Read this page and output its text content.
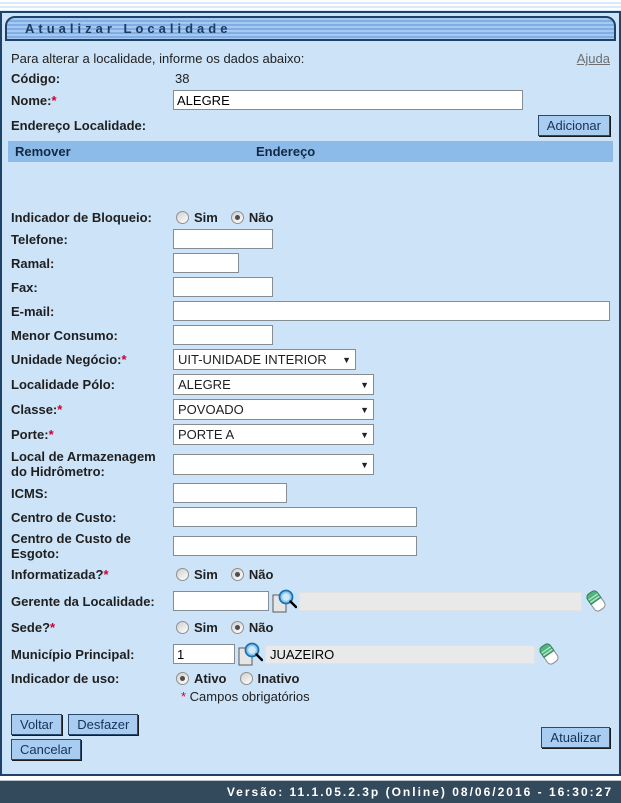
Atualizar Localidade
Para alterar a localidade, informe os dados abaixo:	Ajuda
Código:	38
Nome:*
ALEGRE
Endereço Localidade:	Adicionar
Remover	Endereço
Indicador de Bloqueio:	Sim Não
Telefone:
Ramal:
Fax:
E-mail:
Menor Consumo:
Unidade Negócio:*	UIT-UNIDADE INTERIOR ▼
Localidade Pólo:	ALEGRE	▼
Classe:*	POVOADO	▼
Porte:*	PORTE A	▼
Local de Armazenagem do Hidrômetro:	▼
ICMS:
Centro de Custo:
Centro de Custo de Esgoto:
Informatizada?*	Sim Não
Gerente da Localidade:
Sede?*	Sim Não
Município Principal:
1	JUAZEIRO
Indicador de uso:	Ativo Inativo
* Campos obrigatórios
Voltar	Desfazer
Cancelar
Atualizar
Versão: 11.1.05.2.3p (Online) 08/06/2016 - 16:30:27
